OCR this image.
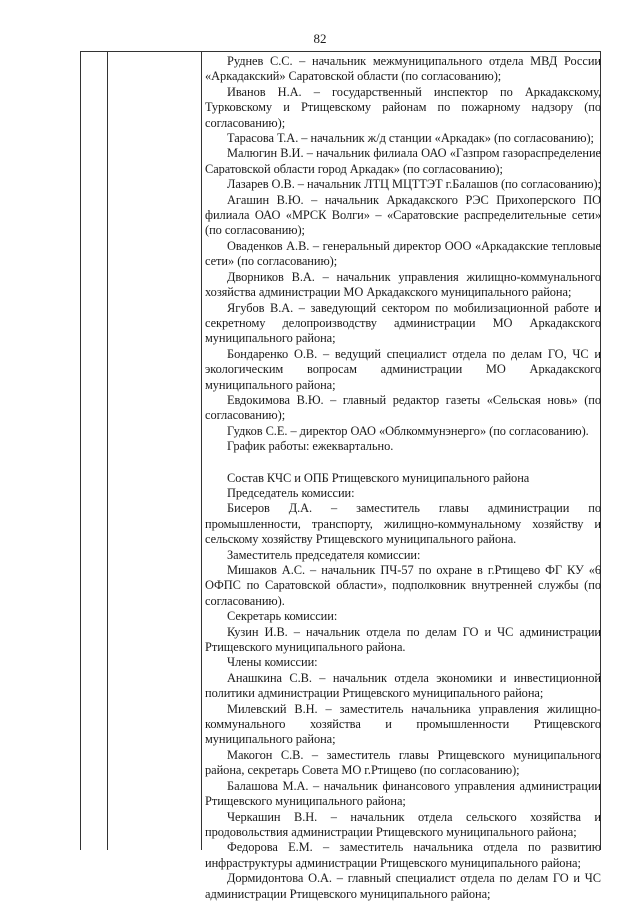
82

Руднев С.С. – начальник межмуниципального отдела МВД России «Аркадакский» Саратовской области (по согласованию);

Иванов Н.А. – государственный инспектор по Аркадакскому, Турковскому и Ртищевскому районам по пожарному надзору (по согласованию);

Тарасова Т.А. – начальник ж/д станции «Аркадак» (по согласованию);

Малюгин В.И. – начальник филиала ОАО «Газпром газораспределение Саратовской области город Аркадак» (по согласованию);

Лазарев О.В. – начальник ЛТЦ МЦТТЭТ г.Балашов (по согласованию);

Агашин В.Ю. – начальник Аркадакского РЭС Прихоперского ПО филиала ОАО «МРСК Волги» – «Саратовские распределительные сети» (по согласованию);

Оваденков А.В. – генеральный директор ООО «Аркадакские тепловые сети» (по согласованию);

Дворников В.А. – начальник управления жилищно-коммунального хозяйства администрации МО Аркадакского муниципального района;

Ягубов В.А. – заведующий сектором по мобилизационной работе и секретному делопроизводству администрации МО Аркадакского муниципального района;

Бондаренко О.В. – ведущий специалист отдела по делам ГО, ЧС и экологическим вопросам администрации МО Аркадакского муниципального района;

Евдокимова В.Ю. – главный редактор газеты «Сельская новь» (по согласованию);

Гудков С.Е. – директор ОАО «Облкоммунэнерго» (по согласованию).

График работы: ежеквартально.

Состав КЧС и ОПБ Ртищевского муниципального района

Председатель комиссии:

Бисеров Д.А. – заместитель главы администрации по промышленности, транспорту, жилищно-коммунальному хозяйству и сельскому хозяйству Ртищевского муниципального района.

Заместитель председателя комиссии:

Мишаков А.С. – начальник ПЧ-57 по охране в г.Ртищево ФГ КУ «6 ОФПС по Саратовской области», подполковник внутренней службы (по согласованию).

Секретарь комиссии:

Кузин И.В. – начальник отдела по делам ГО и ЧС администрации Ртищевского муниципального района.

Члены комиссии:

Анашкина С.В. – начальник отдела экономики и инвестиционной политики администрации Ртищевского муниципального района;

Милевский В.Н. – заместитель начальника управления жилищно-коммунального хозяйства и промышленности Ртищевского муниципального района;

Макогон С.В. – заместитель главы Ртищевского муниципального района, секретарь Совета МО г.Ртищево (по согласованию);

Балашова М.А. – начальник финансового управления администрации Ртищевского муниципального района;

Черкашин В.Н. – начальник отдела сельского хозяйства и продовольствия администрации Ртищевского муниципального района;

Федорова Е.М. – заместитель начальника отдела по развитию инфраструктуры администрации Ртищевского муниципального района;

Дормидонтова О.А. – главный специалист отдела по делам ГО и ЧС администрации Ртищевского муниципального района;
